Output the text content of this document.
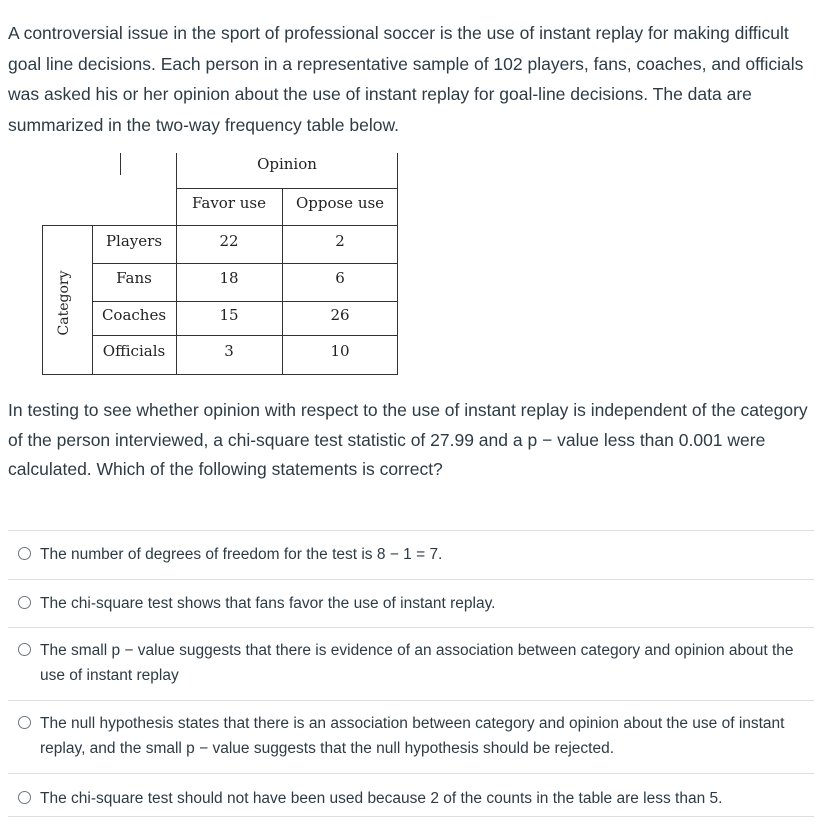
A controversial issue in the sport of professional soccer is the use of instant replay for making difficult goal line decisions. Each person in a representative sample of 102 players, fans, coaches, and officials was asked his or her opinion about the use of instant replay for goal-line decisions. The data are summarized in the two-way frequency table below.

Opinion
Favor use	Oppose use
Players	22	2
Fans	18	6
Coaches	15	26
Officials	3	10
Category

In testing to see whether opinion with respect to the use of instant replay is independent of the category of the person interviewed, a chi-square test statistic of 27.99 and a p − value less than 0.001 were calculated. Which of the following statements is correct?

The number of degrees of freedom for the test is 8 − 1 = 7.
The chi-square test shows that fans favor the use of instant replay.
The small p − value suggests that there is evidence of an association between category and opinion about the use of instant replay
The null hypothesis states that there is an association between category and opinion about the use of instant replay, and the small p − value suggests that the null hypothesis should be rejected.
The chi-square test should not have been used because 2 of the counts in the table are less than 5.
